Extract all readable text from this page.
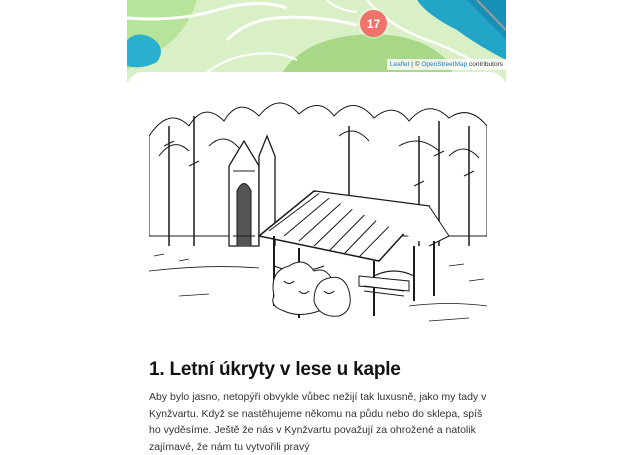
17
Leaflet | © OpenStreetMap contributors
1. Letní úkryty v lese u kaple

Aby bylo jasno, netopýři obvykle vůbec nežijí tak luxusně, jako my tady v Kynžvartu. Když se nastěhujeme někomu na půdu nebo do sklepa, spíš ho vyděsíme. Ještě že nás v Kynžvartu považují za ohrožené a natolik zajímavé, že nám tu vytvořili pravý
